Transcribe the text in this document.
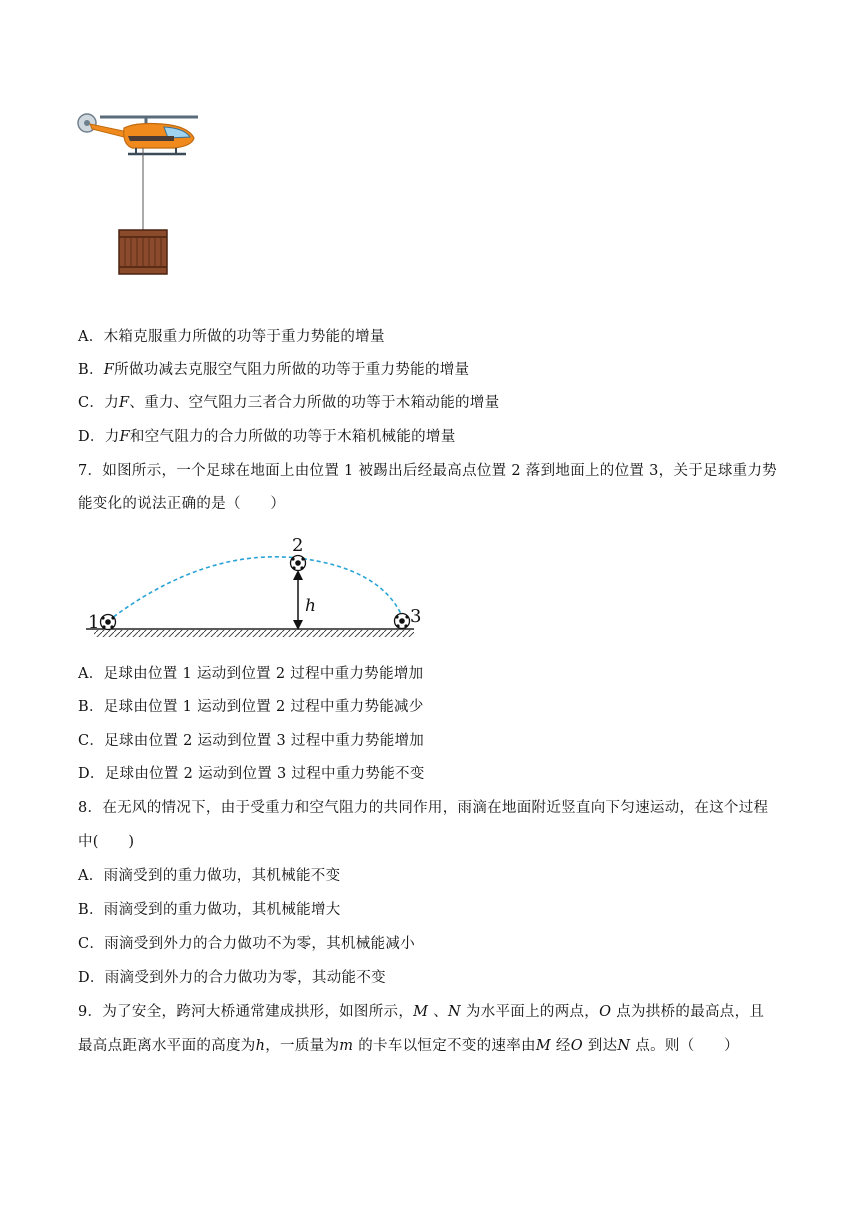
A．木箱克服重力所做的功等于重力势能的增量
B．F所做功减去克服空气阻力所做的功等于重力势能的增量
C．力F、重力、空气阻力三者合力所做的功等于木箱动能的增量
D．力F和空气阻力的合力所做的功等于木箱机械能的增量
7．如图所示，一个足球在地面上由位置 1 被踢出后经最高点位置 2 落到地面上的位置 3，关于足球重力势
能变化的说法正确的是（　　）
h
1
2
3
A．足球由位置 1 运动到位置 2 过程中重力势能增加
B．足球由位置 1 运动到位置 2 过程中重力势能减少
C．足球由位置 2 运动到位置 3 过程中重力势能增加
D．足球由位置 2 运动到位置 3 过程中重力势能不变
8．在无风的情况下，由于受重力和空气阻力的共同作用，雨滴在地面附近竖直向下匀速运动，在这个过程
中(　　)
A．雨滴受到的重力做功，其机械能不变
B．雨滴受到的重力做功，其机械能增大
C．雨滴受到外力的合力做功不为零，其机械能减小
D．雨滴受到外力的合力做功为零，其动能不变
9．为了安全，跨河大桥通常建成拱形，如图所示，M 、N 为水平面上的两点，O 点为拱桥的最高点，且
最高点距离水平面的高度为h，一质量为m 的卡车以恒定不变的速率由M 经O 到达N 点。则（　　）
